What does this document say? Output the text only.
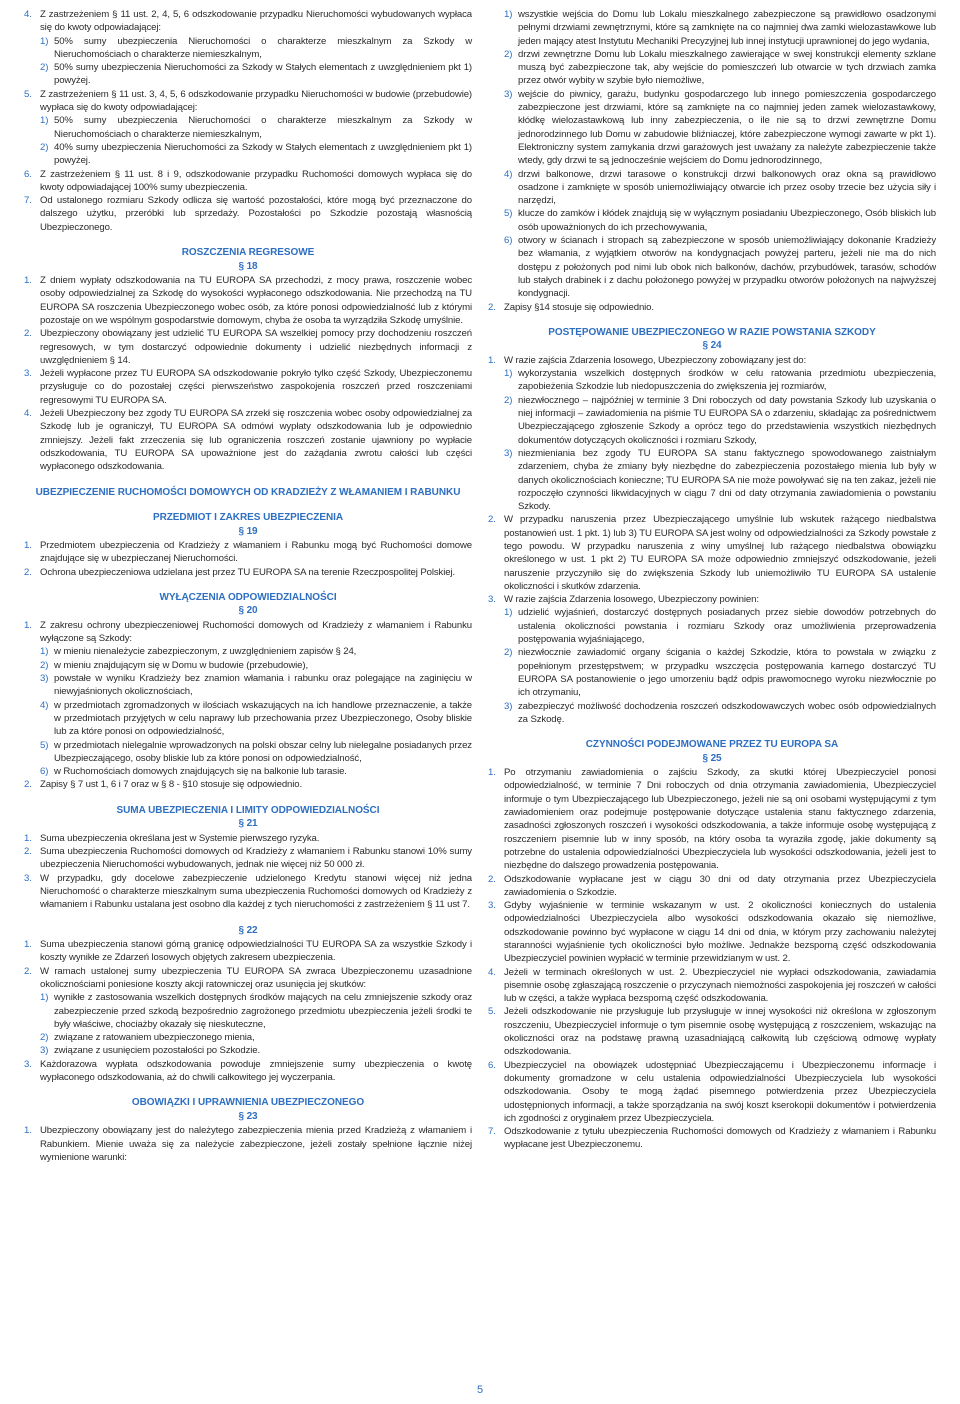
4. Z zastrzeżeniem § 11 ust. 2, 4, 5, 6 odszkodowanie przypadku Nieruchomości wybudowanych wypłaca się do kwoty odpowiadającej:

1) 50% sumy ubezpieczenia Nieruchomości o charakterze mieszkalnym za Szkody w Nieruchomościach o charakterze niemieszkalnym,

2) 50% sumy ubezpieczenia Nieruchomości za Szkody w Stałych elementach z uwzględnieniem pkt 1) powyżej.

5. Z zastrzeżeniem § 11 ust. 3, 4, 5, 6 odszkodowanie przypadku Nieruchomości w budowie (przebudowie) wypłaca się do kwoty odpowiadającej:

1) 50% sumy ubezpieczenia Nieruchomości o charakterze mieszkalnym za Szkody w Nieruchomościach o charakterze niemieszkalnym,

2) 40% sumy ubezpieczenia Nieruchomości za Szkody w Stałych elementach z uwzględnieniem pkt 1) powyżej.

6. Z zastrzeżeniem § 11 ust. 8 i 9, odszkodowanie przypadku Ruchomości domowych wypłaca się do kwoty odpowiadającej 100% sumy ubezpieczenia.

7. Od ustalonego rozmiaru Szkody odlicza się wartość pozostałości, które mogą być przeznaczone do dalszego użytku, przeróbki lub sprzedaży. Pozostałości po Szkodzie pozostają własnością Ubezpieczonego.

ROSZCZENIA REGRESOWE
§ 18

1. Z dniem wypłaty odszkodowania na TU EUROPA SA przechodzi, z mocy prawa, roszczenie wobec osoby odpowiedzialnej za Szkodę do wysokości wypłaconego odszkodowania. Nie przechodzą na TU EUROPA SA roszczenia Ubezpieczonego wobec osób, za które ponosi odpowiedzialność lub z którymi pozostaje on we wspólnym gospodarstwie domowym, chyba że osoba ta wyrządziła Szkodę umyślnie.

2. Ubezpieczony obowiązany jest udzielić TU EUROPA SA wszelkiej pomocy przy dochodzeniu roszczeń regresowych, w tym dostarczyć odpowiednie dokumenty i udzielić niezbędnych informacji z uwzględnieniem § 14.

3. Jeżeli wypłacone przez TU EUROPA SA odszkodowanie pokryło tylko część Szkody, Ubezpieczonemu przysługuje co do pozostałej części pierwszeństwo zaspokojenia roszczeń przed roszczeniami regresowymi TU EUROPA SA.

4. Jeżeli Ubezpieczony bez zgody TU EUROPA SA zrzekł się roszczenia wobec osoby odpowiedzialnej za Szkodę lub je ograniczył, TU EUROPA SA odmówi wypłaty odszkodowania lub je odpowiednio zmniejszy. Jeżeli fakt zrzeczenia się lub ograniczenia roszczeń zostanie ujawniony po wypłacie odszkodowania, TU EUROPA SA upoważnione jest do zażądania zwrotu całości lub części wypłaconego odszkodowania.

UBEZPIECZENIE RUCHOMOŚCI DOMOWYCH OD KRADZIEŻY Z WŁAMANIEM I RABUNKU
PRZEDMIOT I ZAKRES UBEZPIECZENIA
§ 19

1. Przedmiotem ubezpieczenia od Kradzieży z włamaniem i Rabunku mogą być Ruchomości domowe znajdujące się w ubezpieczanej Nieruchomości.

2. Ochrona ubezpieczeniowa udzielana jest przez TU EUROPA SA na terenie Rzeczpospolitej Polskiej.

WYŁĄCZENIA ODPOWIEDZIALNOŚCI
§ 20

1. Z zakresu ochrony ubezpieczeniowej Ruchomości domowych od Kradzieży z włamaniem i Rabunku wyłączone są Szkody:

1) w mieniu nienależycie zabezpieczonym, z uwzględnieniem zapisów § 24,

2) w mieniu znajdującym się w Domu w budowie (przebudowie),

3) powstałe w wyniku Kradzieży bez znamion włamania i rabunku oraz polegające na zaginięciu w niewyjaśnionych okolicznościach,

4) w przedmiotach zgromadzonych w ilościach wskazujących na ich handlowe przeznaczenie, a także w przedmiotach przyjętych w celu naprawy lub przechowania przez Ubezpieczonego, Osoby bliskie lub za które ponosi on odpowiedzialność,

5) w przedmiotach nielegalnie wprowadzonych na polski obszar celny lub nielegalne posiadanych przez Ubezpieczającego, osoby bliskie lub za które ponosi on odpowiedzialność,

6) w Ruchomościach domowych znajdujących się na balkonie lub tarasie.

2. Zapisy § 7 ust 1, 6 i 7 oraz w § 8 - §10 stosuje się odpowiednio.

SUMA UBEZPIECZENIA I LIMITY ODPOWIEDZIALNOŚCI
§ 21

1. Suma ubezpieczenia określana jest w Systemie pierwszego ryzyka.

2. Suma ubezpieczenia Ruchomości domowych od Kradzieży z włamaniem i Rabunku stanowi 10% sumy ubezpieczenia Nieruchomości wybudowanych, jednak nie więcej niż 50 000 zł.

3. W przypadku, gdy docelowe zabezpieczenie udzielonego Kredytu stanowi więcej niż jedna Nieruchomość o charakterze mieszkalnym suma ubezpieczenia Ruchomości domowych od Kradzieży z włamaniem i Rabunku ustalana jest osobno dla każdej z tych nieruchomości z zastrzeżeniem § 11 ust 7.

§ 22

1. Suma ubezpieczenia stanowi górną granicę odpowiedzialności TU EUROPA SA za wszystkie Szkody i koszty wynikłe ze Zdarzeń losowych objętych zakresem ubezpieczenia.

2. W ramach ustalonej sumy ubezpieczenia TU EUROPA SA zwraca Ubezpieczonemu uzasadnione okolicznościami poniesione koszty akcji ratowniczej oraz usunięcia jej skutków:

1) wynikłe z zastosowania wszelkich dostępnych środków mających na celu zmniejszenie szkody oraz zabezpieczenie przed szkodą bezpośrednio zagrożonego przedmiotu ubezpieczenia jeżeli środki te były właściwe, chociażby okazały się nieskuteczne,

2) związane z ratowaniem ubezpieczonego mienia,

3) związane z usunięciem pozostałości po Szkodzie.

3. Każdorazowa wypłata odszkodowania powoduje zmniejszenie sumy ubezpieczenia o kwotę wypłaconego odszkodowania, aż do chwili całkowitego jej wyczerpania.

OBOWIĄZKI I UPRAWNIENIA UBEZPIECZONEGO
§ 23

1. Ubezpieczony obowiązany jest do należytego zabezpieczenia mienia przed Kradzieżą z włamaniem i Rabunkiem. Mienie uważa się za należycie zabezpieczone, jeżeli zostały spełnione łącznie niżej wymienione warunki:

1) wszystkie wejścia do Domu lub Lokalu mieszkalnego zabezpieczone są prawidłowo osadzonymi pełnymi drzwiami zewnętrznymi, które są zamknięte na co najmniej dwa zamki wielozastawkowe lub jeden mający atest Instytutu Mechaniki Precyzyjnej lub innej instytucji uprawnionej do jego wydania,

2) drzwi zewnętrzne Domu lub Lokalu mieszkalnego zawierające w swej konstrukcji elementy szklane muszą być zabezpieczone tak, aby wejście do pomieszczeń lub otwarcie w tych drzwiach zamka przez otwór wybity w szybie było niemożliwe,

3) wejście do piwnicy, garażu, budynku gospodarczego lub innego pomieszczenia gospodarczego zabezpieczone jest drzwiami, które są zamknięte na co najmniej jeden zamek wielozastawkowy, kłódkę wielozastawkową lub inny zabezpieczenia, o ile nie są to drzwi zewnętrzne Domu jednorodzinnego lub Domu w zabudowie bliźniaczej, które zabezpieczone wymogi zawarte w pkt 1). Elektroniczny system zamykania drzwi garażowych jest uważany za należyte zabezpieczenie także wtedy, gdy drzwi te są jednocześnie wejściem do Domu jednorodzinnego,

4) drzwi balkonowe, drzwi tarasowe o konstrukcji drzwi balkonowych oraz okna są prawidłowo osadzone i zamknięte w sposób uniemożliwiający otwarcie ich przez osoby trzecie bez użycia siły i narzędzi,

5) klucze do zamków i kłódek znajdują się w wyłącznym posiadaniu Ubezpieczonego, Osób bliskich lub osób upoważnionych do ich przechowywania,

6) otwory w ścianach i stropach są zabezpieczone w sposób uniemożliwiający dokonanie Kradzieży bez włamania, z wyjątkiem otworów na kondygnacjach powyżej parteru, jeżeli nie ma do nich dostępu z położonych pod nimi lub obok nich balkonów, dachów, przybudówek, tarasów, schodów lub stałych drabinek i z dachu położonego powyżej w przypadku otworów położonych na najwyższej kondygnacji.

2. Zapisy §14 stosuje się odpowiednio.

POSTĘPOWANIE UBEZPIECZONEGO W RAZIE POWSTANIA SZKODY
§ 24

1. W razie zajścia Zdarzenia losowego, Ubezpieczony zobowiązany jest do:

1) wykorzystania wszelkich dostępnych środków w celu ratowania przedmiotu ubezpieczenia, zapobieżenia Szkodzie lub niedopuszczenia do zwiększenia jej rozmiarów,

2) niezwłocznego – najpóźniej w terminie 3 Dni roboczych od daty powstania Szkody lub uzyskania o niej informacji – zawiadomienia na piśmie TU EUROPA SA o zdarzeniu, składając za pośrednictwem Ubezpieczającego zgłoszenie Szkody a oprócz tego do przedstawienia wszystkich niezbędnych dokumentów dotyczących okoliczności i rozmiaru Szkody,

3) niezmieniania bez zgody TU EUROPA SA stanu faktycznego spowodowanego zaistniałym zdarzeniem, chyba że zmiany były niezbędne do zabezpieczenia pozostałego mienia lub były w danych okolicznościach konieczne; TU EUROPA SA nie może powoływać się na ten zakaz, jeżeli nie rozpoczęło czynności likwidacyjnych w ciągu 7 dni od daty otrzymania zawiadomienia o powstaniu Szkody.

2. W przypadku naruszenia przez Ubezpieczającego umyślnie lub wskutek rażącego niedbalstwa postanowień ust. 1 pkt. 1) lub 3) TU EUROPA SA jest wolny od odpowiedzialności za Szkody powstałe z tego powodu. W przypadku naruszenia z winy umyślnej lub rażącego niedbalstwa obowiązku określonego w ust. 1 pkt 2) TU EUROPA SA może odpowiednio zmniejszyć odszkodowanie, jeżeli naruszenie przyczyniło się do zwiększenia Szkody lub uniemożliwiło TU EUROPA SA ustalenie okoliczności i skutków zdarzenia.

3. W razie zajścia Zdarzenia losowego, Ubezpieczony powinien:

1) udzielić wyjaśnień, dostarczyć dostępnych posiadanych przez siebie dowodów potrzebnych do ustalenia okoliczności powstania i rozmiaru Szkody oraz umożliwienia przeprowadzenia postępowania wyjaśniającego,

2) niezwłocznie zawiadomić organy ścigania o każdej Szkodzie, która to powstała w związku z popełnionym przestępstwem; w przypadku wszczęcia postępowania karnego dostarczyć TU EUROPA SA postanowienie o jego umorzeniu bądź odpis prawomocnego wyroku niezwłocznie po ich otrzymaniu,

3) zabezpieczyć możliwość dochodzenia roszczeń odszkodowawczych wobec osób odpowiedzialnych za Szkodę.

CZYNNOŚCI PODEJMOWANE PRZEZ TU EUROPA SA
§ 25

1. Po otrzymaniu zawiadomienia o zajściu Szkody, za skutki której Ubezpieczyciel ponosi odpowiedzialność, w terminie 7 Dni roboczych od dnia otrzymania zawiadomienia, Ubezpieczyciel informuje o tym Ubezpieczającego lub Ubezpieczonego, jeżeli nie są oni osobami występującymi z tym zawiadomieniem oraz podejmuje postępowanie dotyczące ustalenia stanu faktycznego zdarzenia, zasadności zgłoszonych roszczeń i wysokości odszkodowania, a także informuje osobę występującą z roszczeniem pisemnie lub w inny sposób, na który osoba ta wyraziła zgodę, jakie dokumenty są potrzebne do ustalenia odpowiedzialności Ubezpieczyciela lub wysokości odszkodowania, jeżeli jest to niezbędne do dalszego prowadzenia postępowania.

2. Odszkodowanie wypłacane jest w ciągu 30 dni od daty otrzymania przez Ubezpieczyciela zawiadomienia o Szkodzie.

3. Gdyby wyjaśnienie w terminie wskazanym w ust. 2 okoliczności koniecznych do ustalenia odpowiedzialności Ubezpieczyciela albo wysokości odszkodowania okazało się niemożliwe, odszkodowanie powinno być wypłacone w ciągu 14 dni od dnia, w którym przy zachowaniu należytej staranności wyjaśnienie tych okoliczności było możliwe. Jednakże bezsporną część odszkodowania Ubezpieczyciel powinien wypłacić w terminie przewidzianym w ust. 2.

4. Jeżeli w terminach określonych w ust. 2. Ubezpieczyciel nie wypłaci odszkodowania, zawiadamia pisemnie osobę zgłaszającą roszczenie o przyczynach niemożności zaspokojenia jej roszczeń w całości lub w części, a także wypłaca bezsporną część odszkodowania.

5. Jeżeli odszkodowanie nie przysługuje lub przysługuje w innej wysokości niż określona w zgłoszonym roszczeniu, Ubezpieczyciel informuje o tym pisemnie osobę występującą z roszczeniem, wskazując na okoliczności oraz na podstawę prawną uzasadniającą całkowitą lub częściową odmowę wypłaty odszkodowania.

6. Ubezpieczyciel na obowiązek udostępniać Ubezpieczającemu i Ubezpieczonemu informacje i dokumenty gromadzone w celu ustalenia odpowiedzialności Ubezpieczyciela lub wysokości odszkodowania. Osoby te mogą żądać pisemnego potwierdzenia przez Ubezpieczyciela udostępnionych informacji, a także sporządzania na swój koszt kserokopii dokumentów i potwierdzenia ich zgodności z oryginałem przez Ubezpieczyciela.

7. Odszkodowanie z tytułu ubezpieczenia Ruchomości domowych od Kradzieży z włamaniem i Rabunku wypłacane jest Ubezpieczonemu.

5
